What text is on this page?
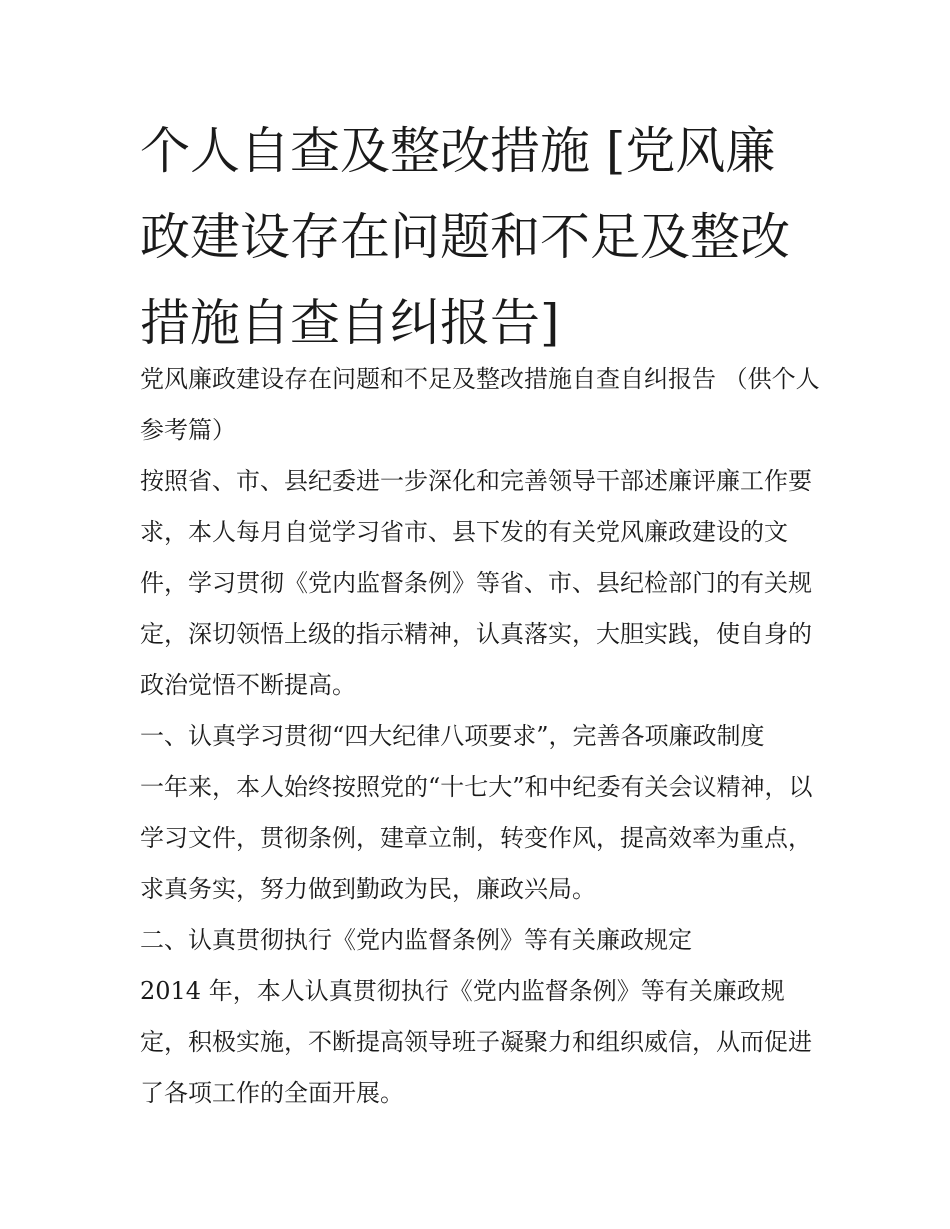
个人自查及整改措施 [党风廉政建设存在问题和不足及整改措施自查自纠报告]

党风廉政建设存在问题和不足及整改措施自查自纠报告 （供个人参考篇）

按照省、市、县纪委进一步深化和完善领导干部述廉评廉工作要求，本人每月自觉学习省市、县下发的有关党风廉政建设的文件，学习贯彻《党内监督条例》等省、市、县纪检部门的有关规定，深切领悟上级的指示精神，认真落实，大胆实践，使自身的政治觉悟不断提高。

一、认真学习贯彻“四大纪律八项要求”，完善各项廉政制度

一年来，本人始终按照党的“十七大”和中纪委有关会议精神，以学习文件，贯彻条例，建章立制，转变作风，提高效率为重点，求真务实，努力做到勤政为民，廉政兴局。

二、认真贯彻执行《党内监督条例》等有关廉政规定

2014 年，本人认真贯彻执行《党内监督条例》等有关廉政规定，积极实施，不断提高领导班子凝聚力和组织威信，从而促进了各项工作的全面开展。
